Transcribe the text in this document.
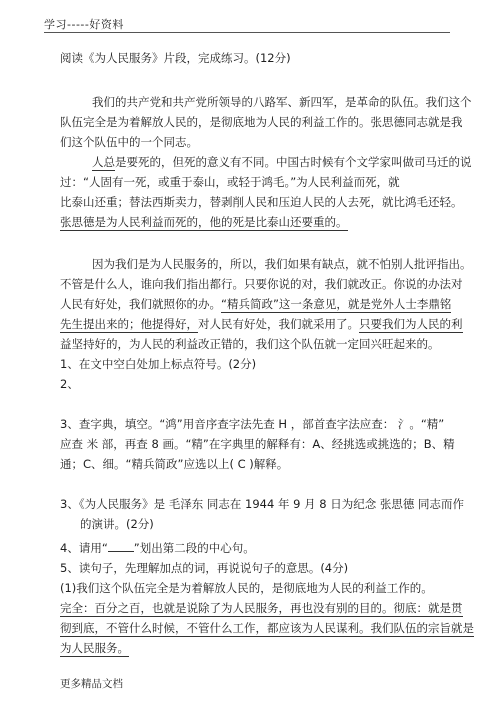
学习-----好资料
阅读《为人民服务》片段，完成练习。(12分)
我们的共产党和共产党所领导的八路军、新四军，是革命的队伍。我们这个
队伍完全是为着解放人民的，是彻底地为人民的利益工作的。张思德同志就是我
们这个队伍中的一个同志。
人总是要死的，但死的意义有不同。中国古时候有个文学家叫做司马迁的说
过：“人固有一死，或重于泰山，或轻于鸿毛。”为人民利益而死，就
比泰山还重；替法西斯卖力，替剥削人民和压迫人民的人去死，就比鸿毛还轻。
张思德是为人民利益而死的，他的死是比泰山还要重的。
因为我们是为人民服务的，所以，我们如果有缺点，就不怕别人批评指出。
不管是什么人，谁向我们指出都行。只要你说的对，我们就改正。你说的办法对
人民有好处，我们就照你的办。“精兵简政”这一条意见，就是党外人士李鼎铭
先生提出来的；他提得好，对人民有好处，我们就采用了。只要我们为人民的利
益坚持好的，为人民的利益改正错的，我们这个队伍就一定回兴旺起来的。
1、在文中空白处加上标点符号。(2分)
2、
3、查字典，填空。“鸿”用音序查字法先查 H ，部首查字法应查： 氵。“精”
应查 米 部，再查 8 画。“精”在字典里的解释有：A、经挑选或挑选的；B、精
通；C、细。“精兵简政”应选以上( C )解释。
3、《为人民服务》是 毛泽东 同志在 1944 年 9 月 8 日为纪念 张思德 同志而作
的演讲。(2分)
4、请用“ ”划出第二段的中心句。
5、读句子，先理解加点的词，再说说句子的意思。(4分)
(1)我们这个队伍完全是为着解放人民的，是彻底地为人民的利益工作的。
完全：百分之百，也就是说除了为人民服务，再也没有别的目的。彻底：就是贯
彻到底，不管什么时候，不管什么工作，都应该为人民谋利。我们队伍的宗旨就是
为人民服务。
更多精品文档
